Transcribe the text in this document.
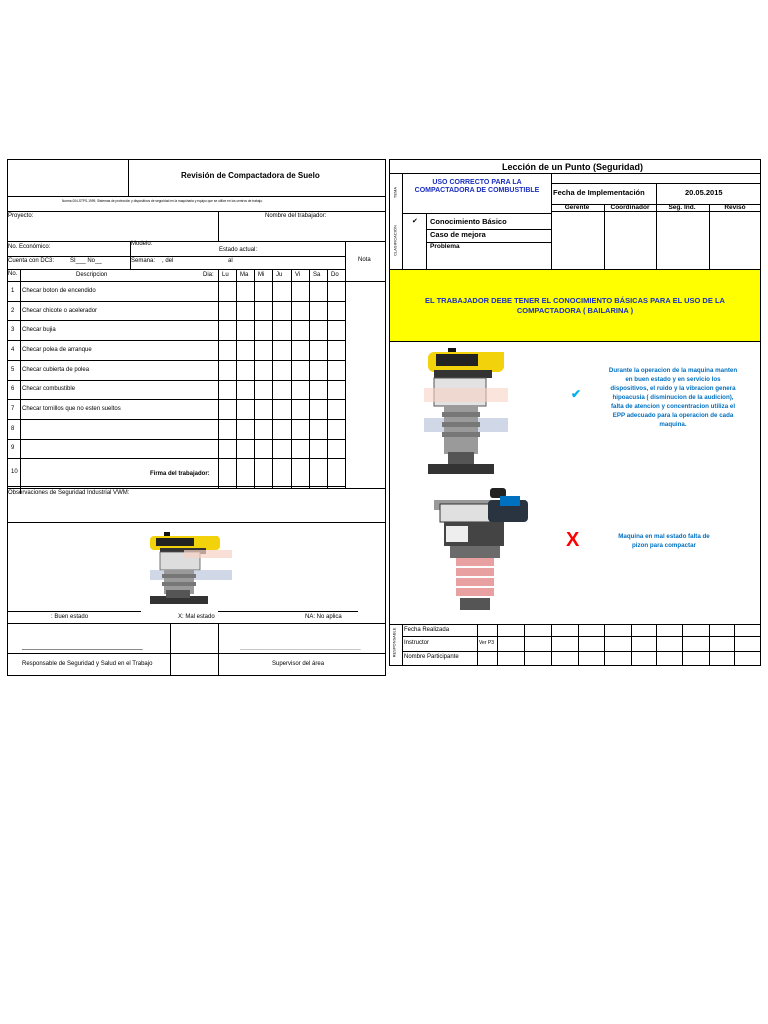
Revisión de Compactadora de Suelo
Norma 004-STPS-1999, Sistemas de protección y dispositivos de seguridad en la maquinaria y equipo que se utilice en los centros de trabajo.
Proyecto:	Nombre del trabajador:
No. Económico:	Modelo:
Estado actual:
Nota
Cuenta con DC3:	SI___ No__	Semana: , del	al
No.	Descripcion	Dia: Lu Ma Mi Ju Vi Sa Do
1 Checar boton de encendido
2 Checar chicote o acelerador
3 Checar bujia
4 Checar polea de arranque
5 Checar cubierta de polea
6 Checar combustible
7 Checar tornillos que no esten sueltos
8
9
10	Firma del trabajador:
Observaciones de Seguridad Industrial VWM:
: Buen estado	X: Mal estado	NA: No aplica
_______________________________	_______________________________
Responsable de Seguridad y Salud en el Trabajo	Supervisor del área
Lección de un Punto (Seguridad)
TEMA
USO CORRECTO PARA LA COMPACTADORA DE COMBUSTIBLE	Fecha de Implementación	20.05.2015
Gerente	Coordinador	Seg. Ind.	Revisó
CLASIFICACIÓN
✔ Conocimiento Básico
Caso de mejora
Problema
EL TRABAJADOR DEBE TENER EL CONOCIMIENTO BÁSICAS PARA EL USO DE LA COMPACTADORA ( BAILARINA )
✔
Durante la operacion de la maquina manten en buen estado y en servicio los dispositivos, el ruido y la vibracion genera hipoacusia ( disminucion de la audicion), falta de atencion y concentracion utiliza el EPP adecuado para la operacion de cada maquina.
X	Maquina en mal estado falta de pizon para compactar
RESPONSABLE Fecha Realizada
Instructor	Ver P3
Nombre Participante
